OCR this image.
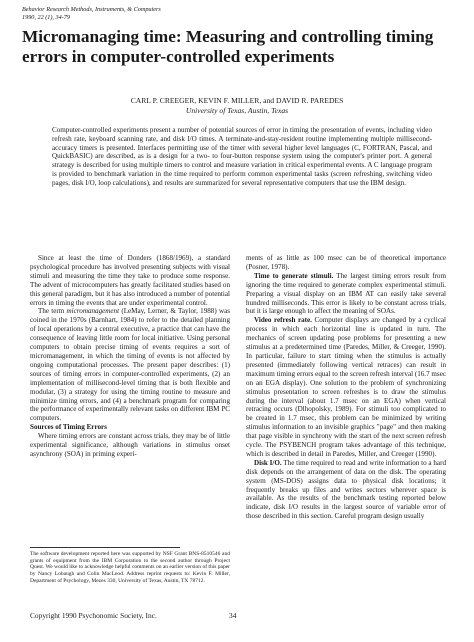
Behavior Research Methods, Instruments, & Computers
1990, 22 (1), 34-79
Micromanaging time: Measuring and controlling timing errors in computer-controlled experiments
CARL P. CREEGER, KEVIN F. MILLER, and DAVID R. PAREDES
University of Texas, Austin, Texas

Computer-controlled experiments present a number of potential sources of error in timing the presentation of events, including video refresh rate, keyboard scanning rate, and disk I/O times. A terminate-and-stay-resident routine implementing multiple millisecond-accuracy timers is presented. Interfaces permitting use of the timer with several higher level languages (C, FORTRAN, Pascal, and QuickBASIC) are described, as is a design for a two- to four-button response system using the computer's printer port. A general strategy is described for using multiple timers to control and measure variation in critical experimental events. A C language program is provided to benchmark variation in the time required to perform common experimental tasks (screen refreshing, switching video pages, disk I/O, loop calculations), and results are summarized for several representative computers that use the IBM design.

Since at least the time of Donders (1868/1969), a standard psychological procedure has involved presenting subjects with visual stimuli and measuring the time they take to produce some response. The advent of microcomputers has greatly facilitated studies based on this general paradigm, but it has also introduced a number of potential errors in timing the events that are under experimental control.

The term micromanagement (LeMay, Lerner, & Taylor, 1988) was coined in the 1970s (Barnhart, 1984) to refer to the detailed planning of local operations by a central executive, a practice that can have the consequence of leaving little room for local initiative. Using personal computers to obtain precise timing of events requires a sort of micromanagement, in which the timing of events is not affected by ongoing computational processes. The present paper describes: (1) sources of timing errors in computer-controlled experiments, (2) an implementation of millisecond-level timing that is both flexible and modular, (3) a strategy for using the timing routine to measure and minimize timing errors, and (4) a benchmark program for comparing the performance of experimentally relevant tasks on different IBM PC computers.

Sources of Timing Errors

Where timing errors are constant across trials, they may be of little experimental significance, although variations in stimulus onset asynchrony (SOA) in priming experi-

ments of as little as 100 msec can be of theoretical importance (Posner, 1978).

Time to generate stimuli. The largest timing errors result from ignoring the time required to generate complex experimental stimuli. Preparing a visual display on an IBM AT can easily take several hundred milliseconds. This error is likely to be constant across trials, but it is large enough to affect the meaning of SOAs.

Video refresh rate. Computer displays are changed by a cyclical process in which each horizontal line is updated in turn. The mechanics of screen updating pose problems for presenting a new stimulus at a predetermined time (Paredes, Miller, & Creeger, 1990). In particular, failure to start timing when the stimulus is actually presented (immediately following vertical retraces) can result in maximum timing errors equal to the screen refresh interval (16.7 msec on an EGA display). One solution to the problem of synchronizing stimulus presentation to screen refreshes is to draw the stimulus during the interval (about 1.7 msec on an EGA) when vertical retracing occurs (Dlhopolsky, 1989). For stimuli too complicated to be created in 1.7 msec, this problem can be minimized by writing stimulus information to an invisible graphics "page" and then making that page visible in synchrony with the start of the next screen refresh cycle. The PSYBENCH program takes advantage of this technique, which is described in detail in Paredes, Miller, and Creeger (1990).

Disk I/O. The time required to read and write information to a hard disk depends on the arrangement of data on the disk. The operating system (MS-DOS) assigns data to physical disk locations; it frequently breaks up files and writes sectors wherever space is available. As the results of the benchmark testing reported below indicate, disk I/O results in the largest source of variable error of those described in this section. Careful program design usually

The software development reported here was supported by NSF Grant BNS-8510546 and grants of equipment from the IBM Corporation to the second author through Project Quest. We would like to acknowledge helpful comments on an earlier version of this paper by Nancy Lobaugh and Colin MacLeod. Address reprint requests to: Kevin F. Miller, Department of Psychology, Mezes 330, University of Texas, Austin, TX 78712.

Copyright 1990 Psychonomic Society, Inc.	34
